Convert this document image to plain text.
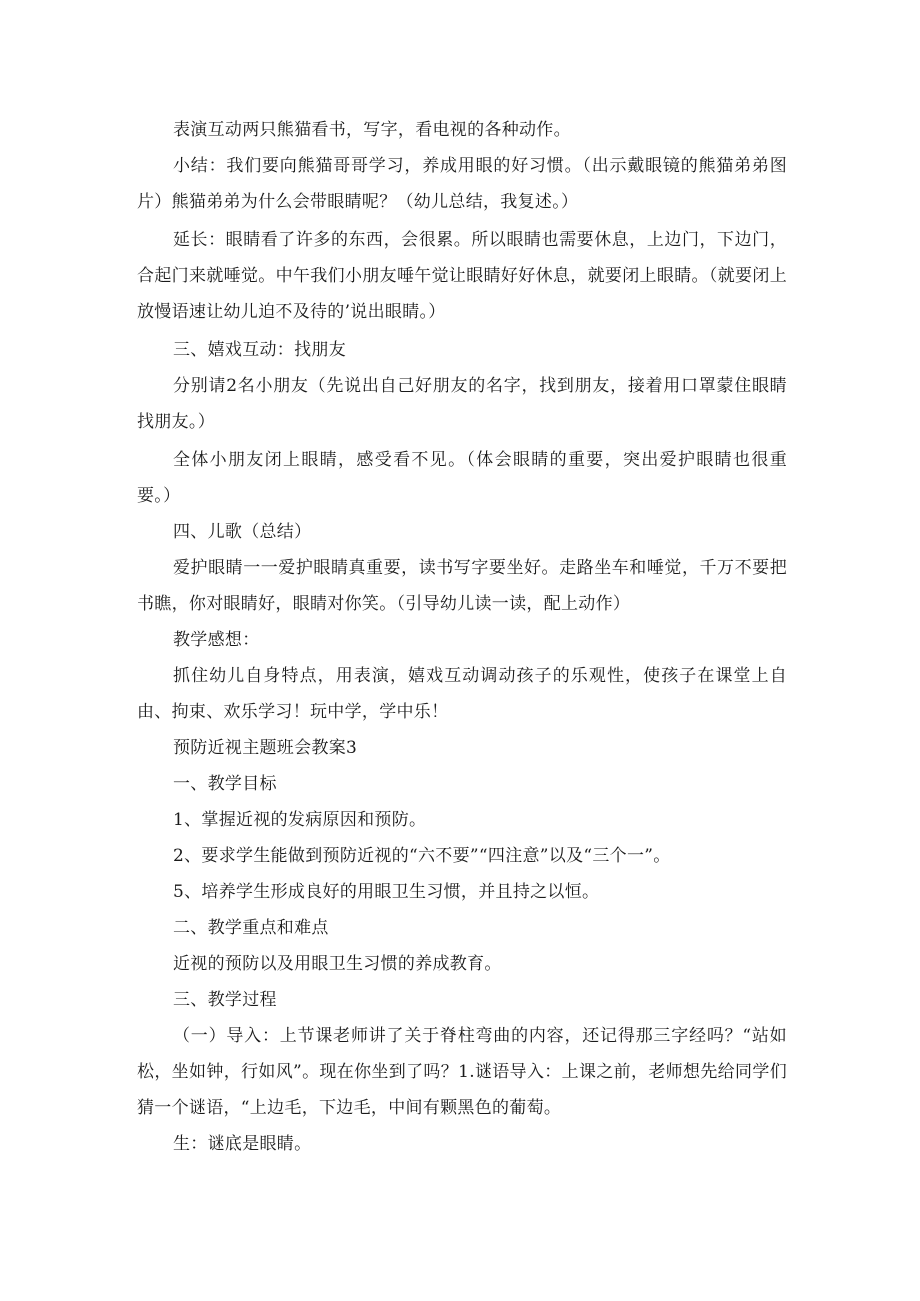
表演互动两只熊猫看书，写字，看电视的各种动作。

小结：我们要向熊猫哥哥学习，养成用眼的好习惯。（出示戴眼镜的熊猫弟弟图片）熊猫弟弟为什么会带眼睛呢？（幼儿总结，我复述。）

延长：眼睛看了许多的东西，会很累。所以眼睛也需要休息，上边门，下边门，合起门来就唾觉。中午我们小朋友唾午觉让眼睛好好休息，就要闭上眼睛。（就要闭上放慢语速让幼儿迫不及待的’说出眼睛。）

三、嬉戏互动：找朋友

分别请2名小朋友（先说出自己好朋友的名字，找到朋友，接着用口罩蒙住眼睛找朋友。）

全体小朋友闭上眼睛，感受看不见。（体会眼睛的重要，突出爱护眼睛也很重要。）

四、儿歌（总结）

爱护眼睛一一爱护眼睛真重要，读书写字要坐好。走路坐车和唾觉，千万不要把书瞧，你对眼睛好，眼睛对你笑。（引导幼儿读一读，配上动作）

教学感想：

抓住幼儿自身特点，用表演，嬉戏互动调动孩子的乐观性，使孩子在课堂上自由、拘束、欢乐学习！玩中学，学中乐！

预防近视主题班会教案3

一、教学目标

1、掌握近视的发病原因和预防。

2、要求学生能做到预防近视的“六不要”“四注意”以及“三个一”。

5、培养学生形成良好的用眼卫生习惯，并且持之以恒。

二、教学重点和难点

近视的预防以及用眼卫生习惯的养成教育。

三、教学过程

（一）导入：上节课老师讲了关于脊柱弯曲的内容，还记得那三字经吗？“站如松，坐如钟，行如风”。现在你坐到了吗？1.谜语导入：上课之前，老师想先给同学们猜一个谜语，“上边毛，下边毛，中间有颗黑色的葡萄。

生：谜底是眼睛。
